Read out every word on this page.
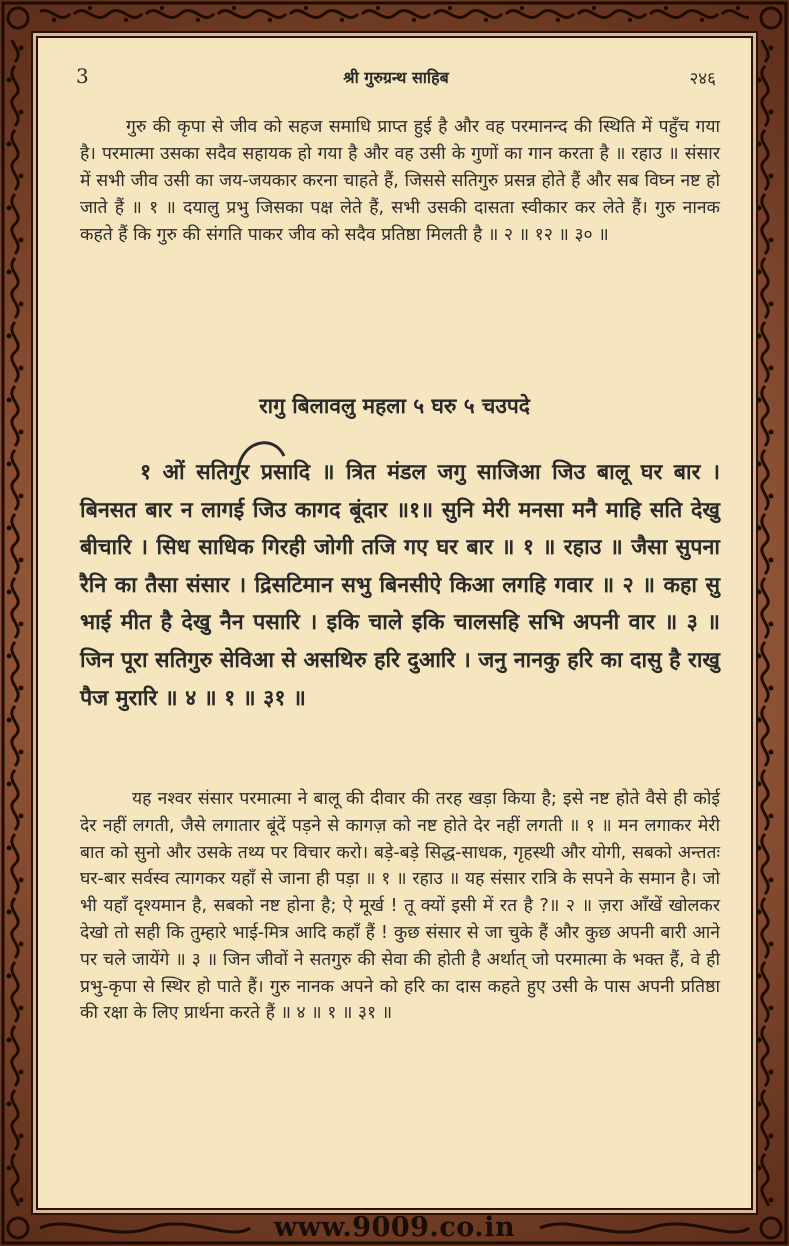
3	श्री गुरुग्रन्थ साहिब	२४६
गुरु की कृपा से जीव को सहज समाधि प्राप्त हुई है और वह परमानन्द की स्थिति में पहुँच गया है। परमात्मा उसका सदैव सहायक हो गया है और वह उसी के गुणों का गान करता है ॥ रहाउ ॥ संसार में सभी जीव उसी का जय-जयकार करना चाहते हैं, जिससे सतिगुरु प्रसन्न होते हैं और सब विघ्न नष्ट हो जाते हैं ॥ १ ॥ दयालु प्रभु जिसका पक्ष लेते हैं, सभी उसकी दासता स्वीकार कर लेते हैं। गुरु नानक कहते हैं कि गुरु की संगति पाकर जीव को सदैव प्रतिष्ठा मिलती है ॥ २ ॥ १२ ॥ ३० ॥
रागु बिलावलु महला ५ घरु ५ चउपदे
१ ओं सतिगुर प्रसादि ॥ त्रित मंडल जगु साजिआ जिउ बालू घर बार । बिनसत बार न लागई जिउ कागद बूंदार ॥१॥ सुनि मेरी मनसा मनै माहि सति देखु बीचारि । सिध साधिक गिरही जोगी तजि गए घर बार ॥ १ ॥ रहाउ ॥ जैसा सुपना रैनि का तैसा संसार । द्रिसटिमान सभु बिनसीऐ किआ लगहि गवार ॥ २ ॥ कहा सु भाई मीत है देखु नैन पसारि । इकि चाले इकि चालसहि सभि अपनी वार ॥ ३ ॥ जिन पूरा सतिगुरु सेविआ से असथिरु हरि दुआरि । जनु नानकु हरि का दासु है राखु पैज मुरारि ॥ ४ ॥ १ ॥ ३१ ॥
यह नश्वर संसार परमात्मा ने बालू की दीवार की तरह खड़ा किया है; इसे नष्ट होते वैसे ही कोई देर नहीं लगती, जैसे लगातार बूंदें पड़ने से कागज़ को नष्ट होते देर नहीं लगती ॥ १ ॥ मन लगाकर मेरी बात को सुनो और उसके तथ्य पर विचार करो। बड़े-बड़े सिद्ध-साधक, गृहस्थी और योगी, सबको अन्ततः घर-बार सर्वस्व त्यागकर यहाँ से जाना ही पड़ा ॥ १ ॥ रहाउ ॥ यह संसार रात्रि के सपने के समान है। जो भी यहाँ दृश्यमान है, सबको नष्ट होना है; ऐ मूर्ख ! तू क्यों इसी में रत है ?॥ २ ॥ ज़रा आँखें खोलकर देखो तो सही कि तुम्हारे भाई-मित्र आदि कहाँ हैं ! कुछ संसार से जा चुके हैं और कुछ अपनी बारी आने पर चले जायेंगे ॥ ३ ॥ जिन जीवों ने सतगुरु की सेवा की होती है अर्थात् जो परमात्मा के भक्त हैं, वे ही प्रभु-कृपा से स्थिर हो पाते हैं। गुरु नानक अपने को हरि का दास कहते हुए उसी के पास अपनी प्रतिष्ठा की रक्षा के लिए प्रार्थना करते हैं ॥ ४ ॥ १ ॥ ३१ ॥
www.9009.co.in
